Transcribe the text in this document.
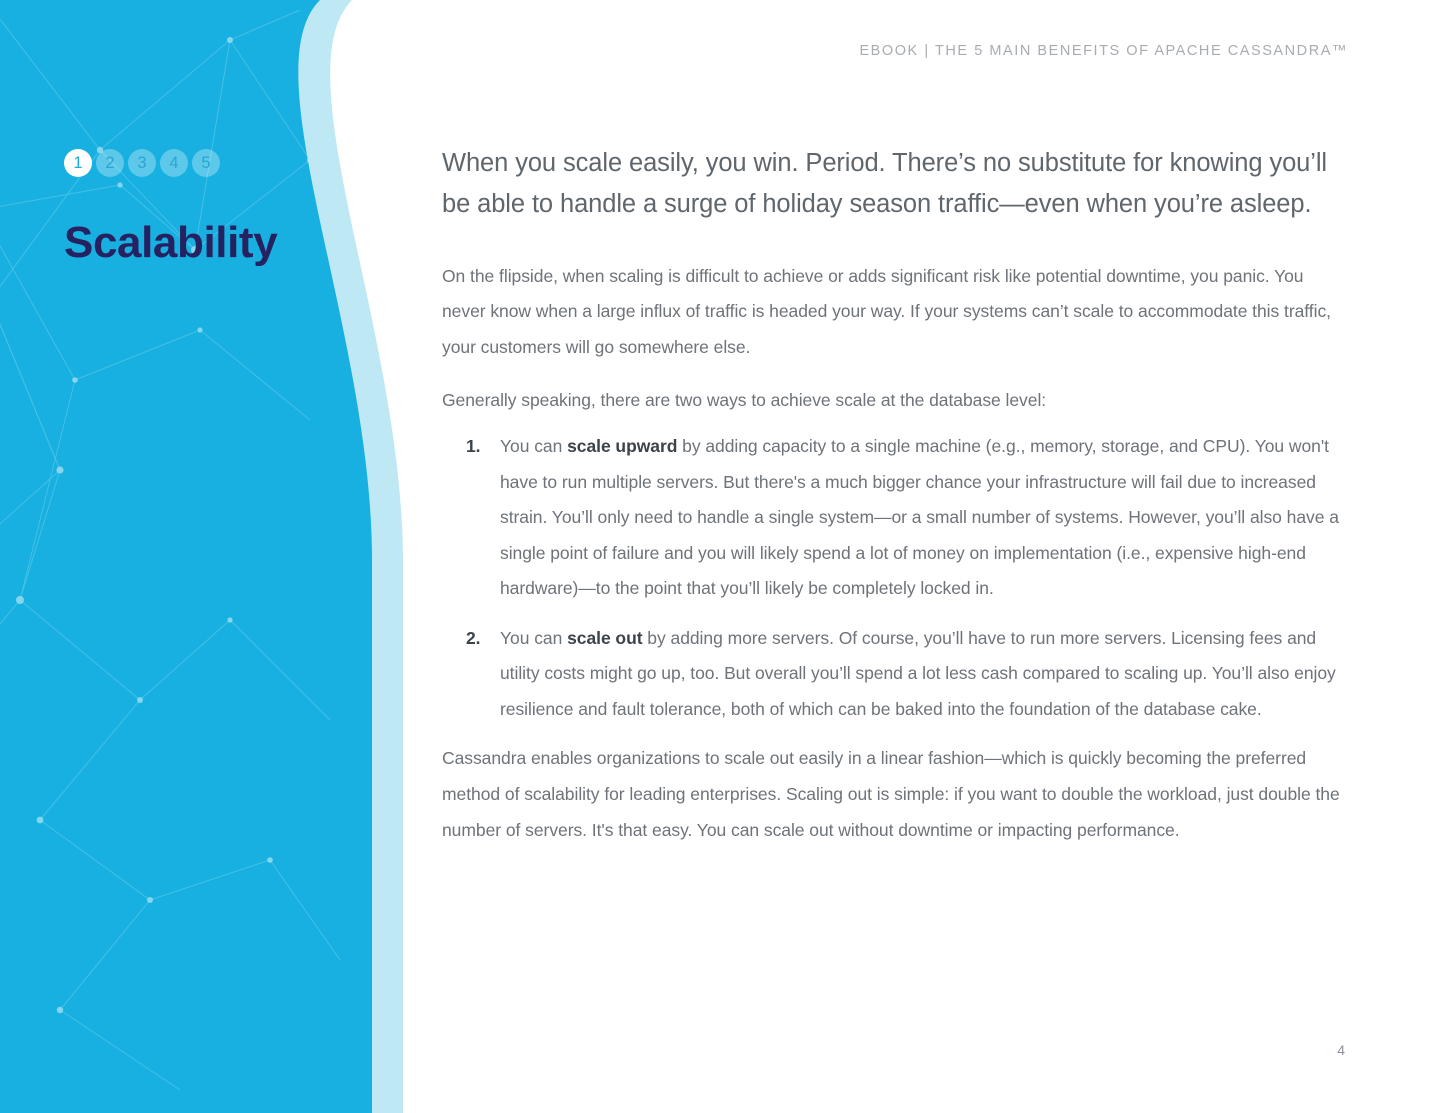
1	2	3	4	5
Scalability
EBOOK | THE 5 MAIN BENEFITS OF APACHE CASSANDRA™

When you scale easily, you win. Period. There’s no substitute for knowing you’ll be able to handle a surge of holiday season traffic—even when you’re asleep.

On the flipside, when scaling is difficult to achieve or adds significant risk like potential downtime, you panic. You never know when a large influx of traffic is headed your way. If your systems can’t scale to accommodate this traffic, your customers will go somewhere else.

Generally speaking, there are two ways to achieve scale at the database level:

1. You can scale upward by adding capacity to a single machine (e.g., memory, storage, and CPU). You won't have to run multiple servers. But there's a much bigger chance your infrastructure will fail due to increased strain. You’ll only need to handle a single system—or a small number of systems. However, you’ll also have a single point of failure and you will likely spend a lot of money on implementation (i.e., expensive high-end hardware)—to the point that you’ll likely be completely locked in.
2. You can scale out by adding more servers. Of course, you’ll have to run more servers. Licensing fees and utility costs might go up, too. But overall you’ll spend a lot less cash compared to scaling up. You’ll also enjoy resilience and fault tolerance, both of which can be baked into the foundation of the database cake.

Cassandra enables organizations to scale out easily in a linear fashion—which is quickly becoming the preferred method of scalability for leading enterprises. Scaling out is simple: if you want to double the workload, just double the number of servers. It's that easy. You can scale out without downtime or impacting performance.

4
